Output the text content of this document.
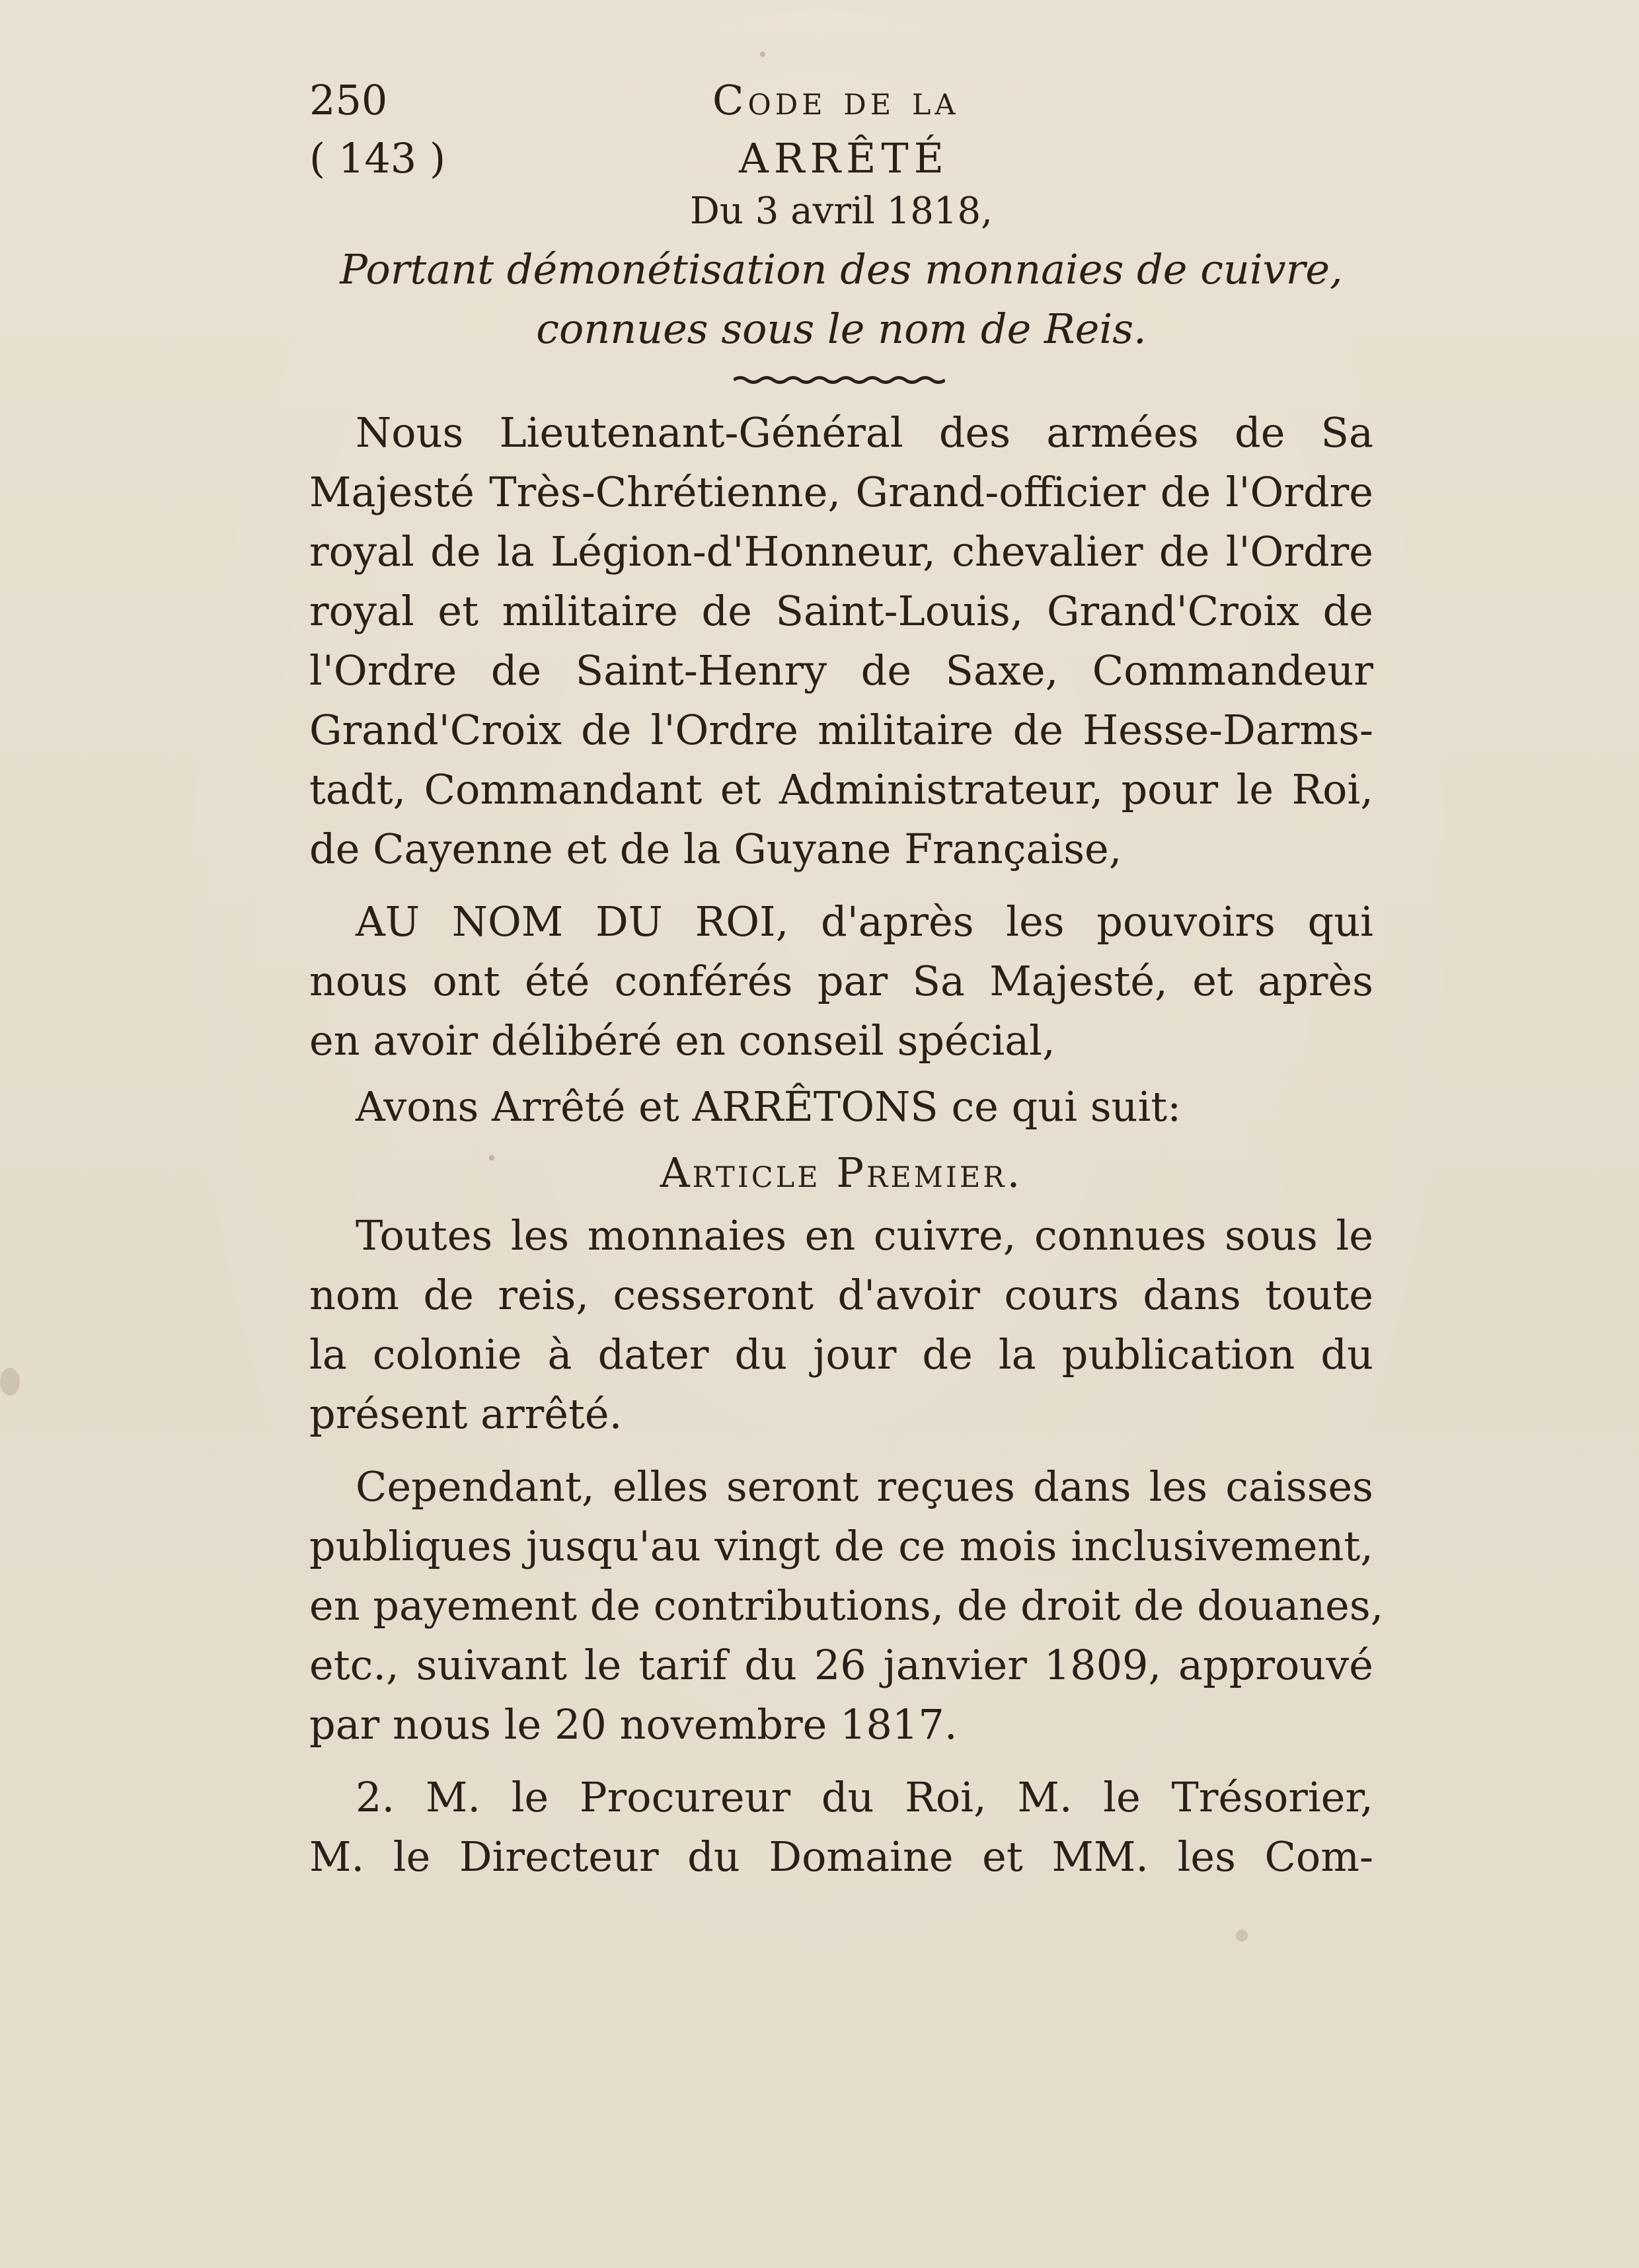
250	Code de la
( 143 )	ARRÊTÉ
Du 3 avril 1818,
Portant démonétisation des monnaies de cuivre,
connues sous le nom de Reis.
Nous Lieutenant-Général des armées de Sa
Majesté Très-Chrétienne, Grand-officier de l'Ordre
royal de la Légion-d'Honneur, chevalier de l'Ordre
royal et militaire de Saint-Louis, Grand'Croix de
l'Ordre de Saint-Henry de Saxe, Commandeur
Grand'Croix de l'Ordre militaire de Hesse-Darms-
tadt, Commandant et Administrateur, pour le Roi,
de Cayenne et de la Guyane Française,
AU NOM DU ROI, d'après les pouvoirs qui
nous ont été conférés par Sa Majesté, et après
en avoir délibéré en conseil spécial,
Avons Arrêté et ARRÊTONS ce qui suit:
Article Premier.
Toutes les monnaies en cuivre, connues sous le
nom de reis, cesseront d'avoir cours dans toute
la colonie à dater du jour de la publication du
présent arrêté.
Cependant, elles seront reçues dans les caisses
publiques jusqu'au vingt de ce mois inclusivement,
en payement de contributions, de droit de douanes,
etc., suivant le tarif du 26 janvier 1809, approuvé
par nous le 20 novembre 1817.
2. M. le Procureur du Roi, M. le Trésorier,
M. le Directeur du Domaine et MM. les Com-
